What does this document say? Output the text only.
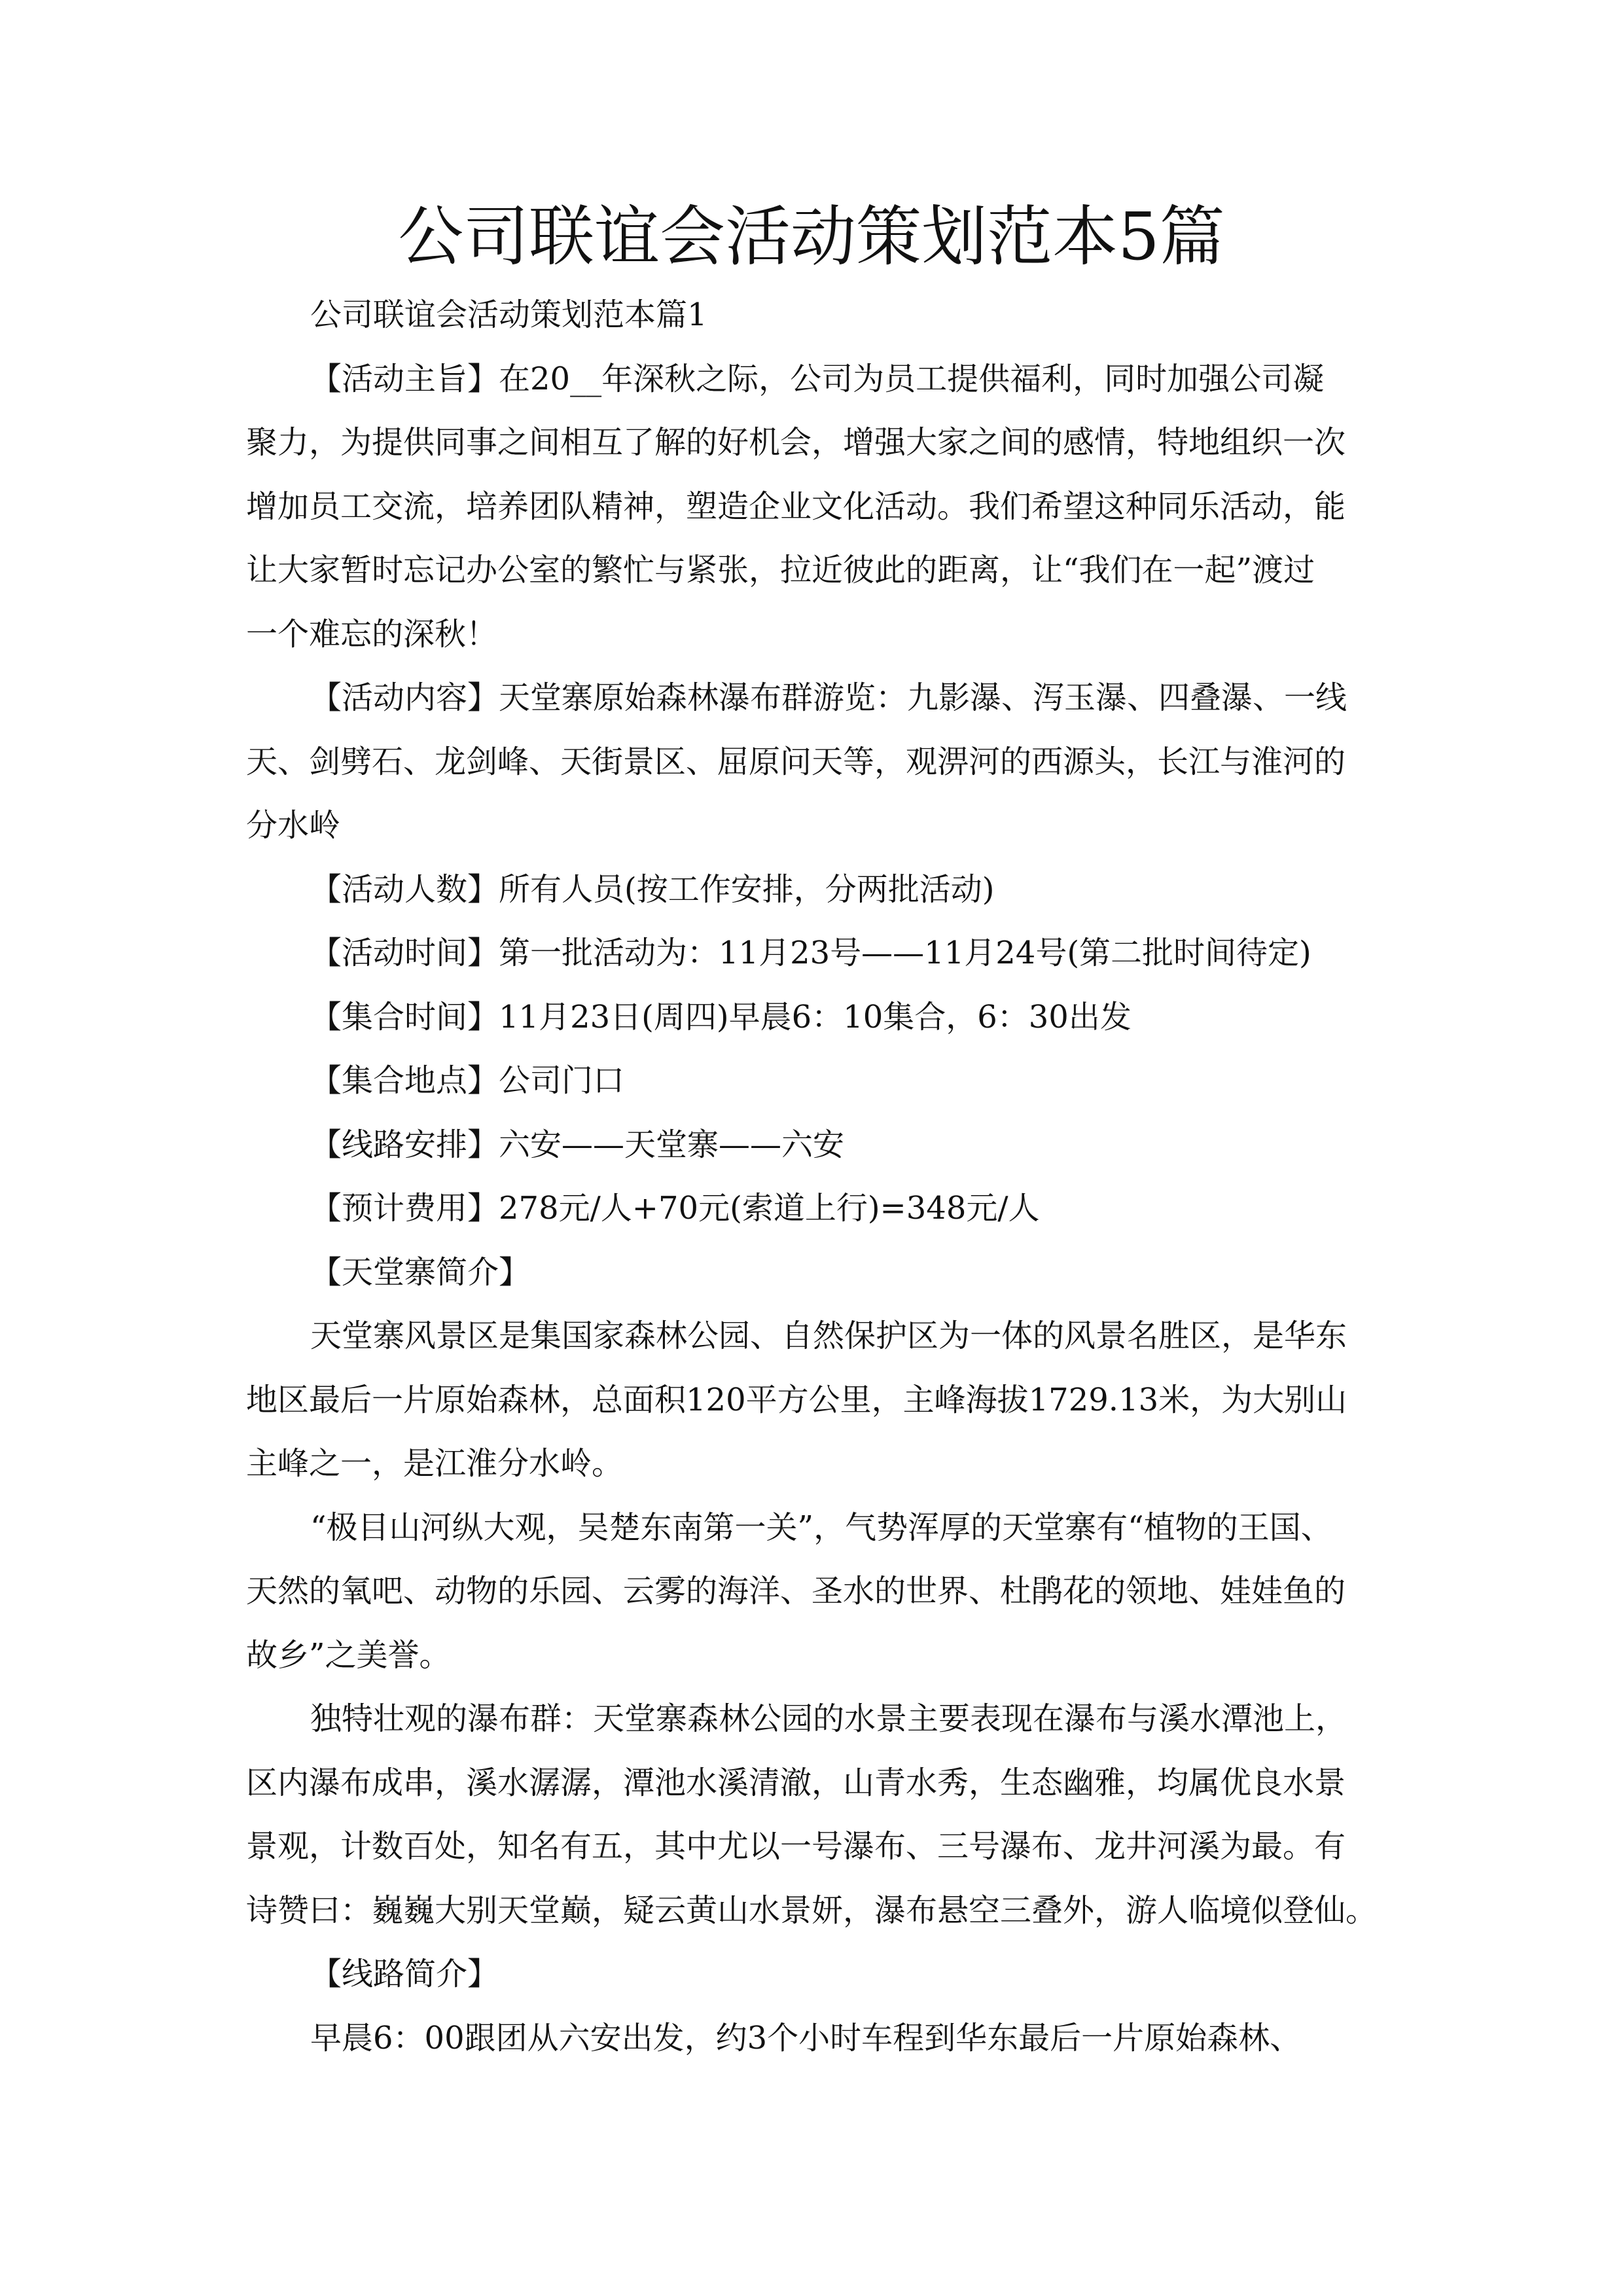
公司联谊会活动策划范本5篇
公司联谊会活动策划范本篇1
【活动主旨】在20__年深秋之际，公司为员工提供福利，同时加强公司凝
聚力，为提供同事之间相互了解的好机会，增强大家之间的感情，特地组织一次
增加员工交流，培养团队精神，塑造企业文化活动。我们希望这种同乐活动，能
让大家暂时忘记办公室的繁忙与紧张，拉近彼此的距离，让“我们在一起”渡过
一个难忘的深秋！
【活动内容】天堂寨原始森林瀑布群游览：九影瀑、泻玉瀑、四叠瀑、一线
天、剑劈石、龙剑峰、天街景区、屈原问天等，观淠河的西源头，长江与淮河的
分水岭
【活动人数】所有人员(按工作安排，分两批活动)
【活动时间】第一批活动为：11月23号——11月24号(第二批时间待定)
【集合时间】11月23日(周四)早晨6：10集合，6：30出发
【集合地点】公司门口
【线路安排】六安——天堂寨——六安
【预计费用】278元/人+70元(索道上行)=348元/人
【天堂寨简介】
天堂寨风景区是集国家森林公园、自然保护区为一体的风景名胜区，是华东
地区最后一片原始森林，总面积120平方公里，主峰海拔1729.13米，为大别山
主峰之一，是江淮分水岭。
“极目山河纵大观，吴楚东南第一关”，气势浑厚的天堂寨有“植物的王国、
天然的氧吧、动物的乐园、云雾的海洋、圣水的世界、杜鹃花的领地、娃娃鱼的
故乡”之美誉。
独特壮观的瀑布群：天堂寨森林公园的水景主要表现在瀑布与溪水潭池上，
区内瀑布成串，溪水潺潺，潭池水溪清澈，山青水秀，生态幽雅，均属优良水景
景观，计数百处，知名有五，其中尤以一号瀑布、三号瀑布、龙井河溪为最。有
诗赞曰：巍巍大别天堂巅，疑云黄山水景妍，瀑布悬空三叠外，游人临境似登仙。
【线路简介】
早晨6：00跟团从六安出发，约3个小时车程到华东最后一片原始森林、
